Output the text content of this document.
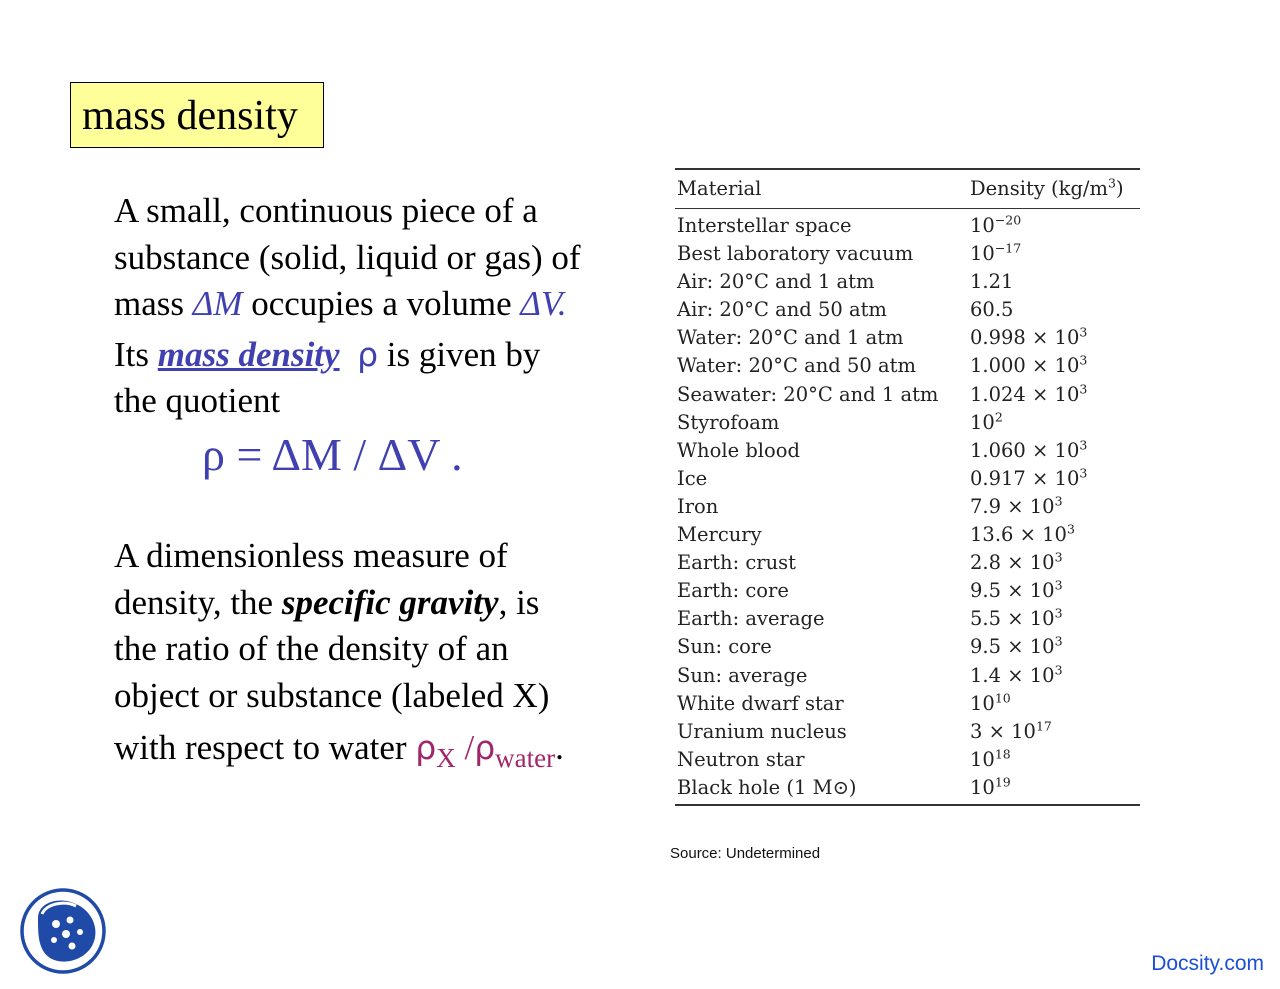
mass density
A small, continuous piece of a
substance (solid, liquid or gas) of
mass ΔM occupies a volume ΔV.
Its mass density ρ is given by
the quotient
ρ = ΔM / ΔV .
A dimensionless measure of
density, the specific gravity, is
the ratio of the density of an
object or substance (labeled X)
with respect to water $\rho_X$ $/\rho_{water}$.
Material	Density $(kg/m^3)$
Interstellar space	$10^{-20}$
Best laboratory vacuum	$10^{-17}$
Air: 20°C and 1 atm	1.21
Air: 20°C and 50 atm	60.5
Water: 20°C and 1 atm	$0.998 \times 10^3$
Water: 20°C and 50 atm	$1.000 \times 10^3$
Seawater: 20°C and 1 atm	$1.024 \times 10^3$
Styrofoam	$10^2$
Whole blood	$1.060 \times 10^3$
Ice	$0.917 \times 10^3$
Iron	$7.9 \times 10^3$
Mercury	$13.6 \times 10^3$
Earth: crust	$2.8 \times 10^3$
Earth: core	$9.5 \times 10^3$
Earth: average	$5.5 \times 10^3$
Sun: core	$9.5 \times 10^3$
Sun: average	$1.4 \times 10^3$
White dwarf star	$10^{10}$
Uranium nucleus	$3 \times 10^{17}$
Neutron star	$10^{18}$
Black hole (1 M⊙)	$10^{19}$
Source: Undetermined
Docsity.com
